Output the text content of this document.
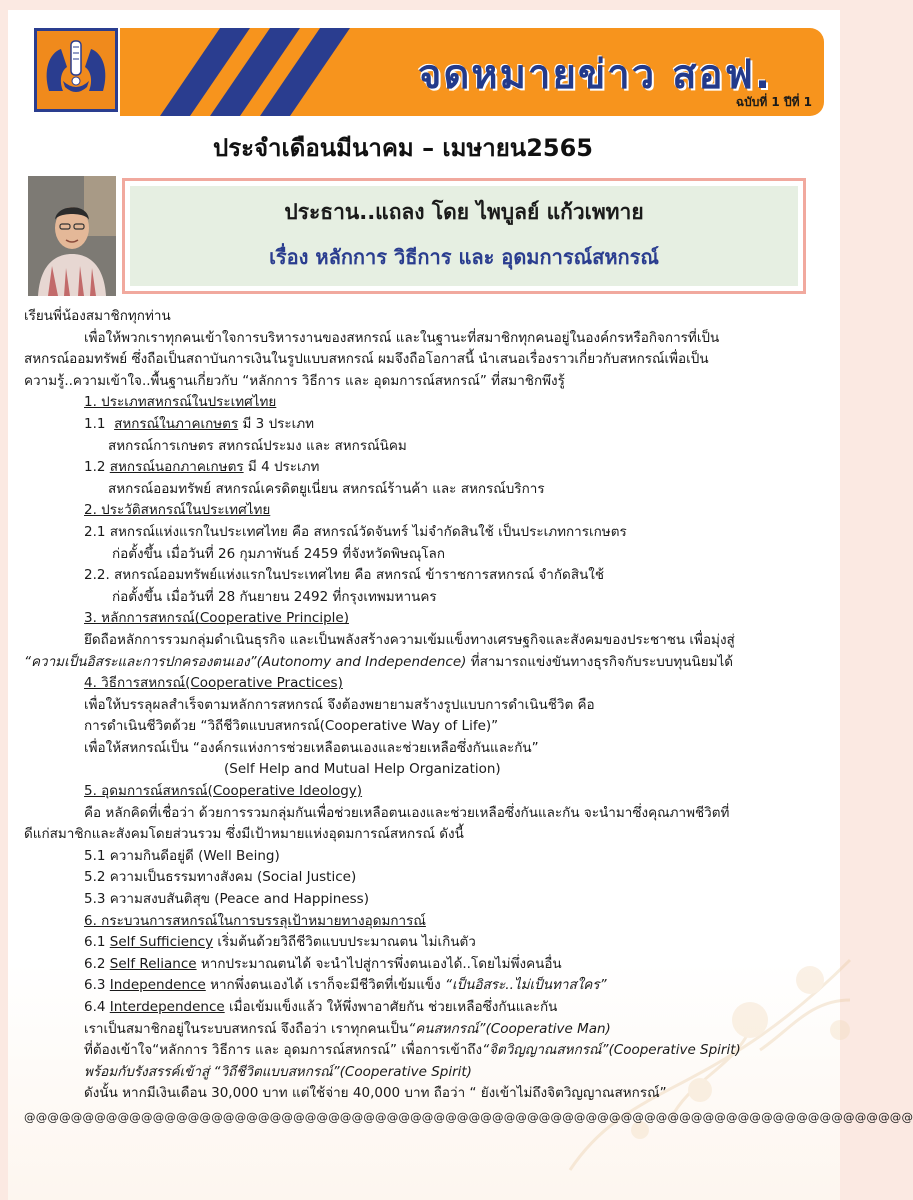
จดหมายข่าว สอฟ.
ฉบับที่ 1 ปีที่ 1
ประจำเดือนมีนาคม – เมษายน2565
ประธาน..แถลง โดย ไพบูลย์ แก้วเพทาย
เรื่อง หลักการ วิธีการ และ อุดมการณ์สหกรณ์
เรียนพี่น้องสมาชิกทุกท่าน
เพื่อให้พวกเราทุกคนเข้าใจการบริหารงานของสหกรณ์ และในฐานะที่สมาชิกทุกคนอยู่ในองค์กรหรือกิจการที่เป็น
สหกรณ์ออมทรัพย์ ซึ่งถือเป็นสถาบันการเงินในรูปแบบสหกรณ์ ผมจึงถือโอกาสนี้ นำเสนอเรื่องราวเกี่ยวกับสหกรณ์เพื่อเป็น
ความรู้..ความเข้าใจ..พื้นฐานเกี่ยวกับ “หลักการ วิธีการ และ อุดมการณ์สหกรณ์” ที่สมาชิกพึงรู้
1. ประเภทสหกรณ์ในประเทศไทย
1.1 สหกรณ์ในภาคเกษตร มี 3 ประเภท
สหกรณ์การเกษตร สหกรณ์ประมง และ สหกรณ์นิคม
1.2 สหกรณ์นอกภาคเกษตร มี 4 ประเภท
สหกรณ์ออมทรัพย์ สหกรณ์เครดิตยูเนี่ยน สหกรณ์ร้านค้า และ สหกรณ์บริการ
2. ประวัติสหกรณ์ในประเทศไทย
2.1 สหกรณ์แห่งแรกในประเทศไทย คือ สหกรณ์วัดจันทร์ ไม่จำกัดสินใช้ เป็นประเภทการเกษตร
ก่อตั้งขึ้น เมื่อวันที่ 26 กุมภาพันธ์ 2459 ที่จังหวัดพิษณุโลก
2.2. สหกรณ์ออมทรัพย์แห่งแรกในประเทศไทย คือ สหกรณ์ ข้าราชการสหกรณ์ จำกัดสินใช้
ก่อตั้งขึ้น เมื่อวันที่ 28 กันยายน 2492 ที่กรุงเทพมหานคร
3. หลักการสหกรณ์(Cooperative Principle)
ยึดถือหลักการรวมกลุ่มดำเนินธุรกิจ และเป็นพลังสร้างความเข้มแข็งทางเศรษฐกิจและสังคมของประชาชน เพื่อมุ่งสู่
“ความเป็นอิสระและการปกครองตนเอง”(Autonomy and Independence) ที่สามารถแข่งขันทางธุรกิจกับระบบทุนนิยมได้
4. วิธีการสหกรณ์(Cooperative Practices)
เพื่อให้บรรลุผลสำเร็จตามหลักการสหกรณ์ จึงต้องพยายามสร้างรูปแบบการดำเนินชีวิต คือ
การดำเนินชีวิตด้วย “วิถีชีวิตแบบสหกรณ์(Cooperative Way of Life)”
เพื่อให้สหกรณ์เป็น “องค์กรแห่งการช่วยเหลือตนเองและช่วยเหลือซึ่งกันและกัน”
(Self Help and Mutual Help Organization)
5. อุดมการณ์สหกรณ์(Cooperative Ideology)
คือ หลักคิดที่เชื่อว่า ด้วยการรวมกลุ่มกันเพื่อช่วยเหลือตนเองและช่วยเหลือซึ่งกันและกัน จะนำมาซึ่งคุณภาพชีวิตที่
ดีแก่สมาชิกและสังคมโดยส่วนรวม ซึ่งมีเป้าหมายแห่งอุดมการณ์สหกรณ์ ดังนี้
5.1 ความกินดีอยู่ดี (Well Being)
5.2 ความเป็นธรรมทางสังคม (Social Justice)
5.3 ความสงบสันติสุข (Peace and Happiness)
6. กระบวนการสหกรณ์ในการบรรลุเป้าหมายทางอุดมการณ์
6.1 Self Sufficiency เริ่มต้นด้วยวิถีชีวิตแบบประมาณตน ไม่เกินตัว
6.2 Self Reliance หากประมาณตนได้ จะนำไปสู่การพึ่งตนเองได้..โดยไม่พึ่งคนอื่น
6.3 Independence หากพึ่งตนเองได้ เราก็จะมีชีวิตที่เข้มแข็ง “เป็นอิสระ..ไม่เป็นทาสใคร”
6.4 Interdependence เมื่อเข้มแข็งแล้ว ให้พึ่งพาอาศัยกัน ช่วยเหลือซึ่งกันและกัน
เราเป็นสมาชิกอยู่ในระบบสหกรณ์ จึงถือว่า เราทุกคนเป็น“คนสหกรณ์”(Cooperative Man)
ที่ต้องเข้าใจ“หลักการ วิธีการ และ อุดมการณ์สหกรณ์” เพื่อการเข้าถึง“จิตวิญญาณสหกรณ์”(Cooperative Spirit)
พร้อมกับรังสรรค์เข้าสู่ “วิถีชีวิตแบบสหกรณ์”(Cooperative Spirit)
ดังนั้น หากมีเงินเดือน 30,000 บาท แต่ใช้จ่าย 40,000 บาท ถือว่า “ ยังเข้าไม่ถึงจิตวิญญาณสหกรณ์”
@@@@@@@@@@@@@@@@@@@@@@@@@@@@@@@@@@@@@@@@@@@@@@@@@@@@@@@@@@@@@@@@@@@@@@@@@@@@
